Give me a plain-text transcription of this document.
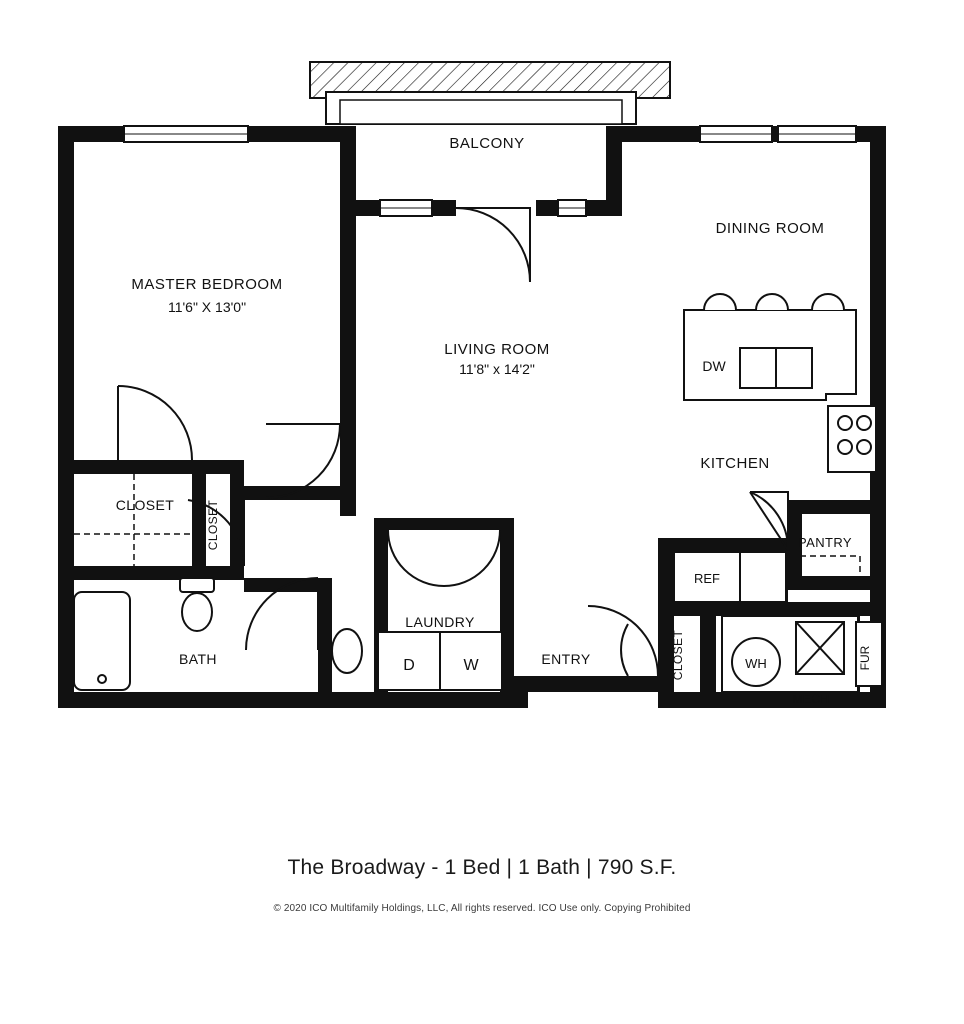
BALCONY
MASTER BEDROOM
11'6" X 13'0"
LIVING ROOM
11'8" x 14'2"
DINING ROOM
KITCHEN
PANTRY
CLOSET	CLOSET
CLOSET
BATH
LAUNDRY
ENTRY
MECH
DW
REF
D	W	WH	FUR
The Broadway - 1 Bed | 1 Bath | 790 S.F.
© 2020 ICO Multifamily Holdings, LLC, All rights reserved. ICO Use only. Copying Prohibited
